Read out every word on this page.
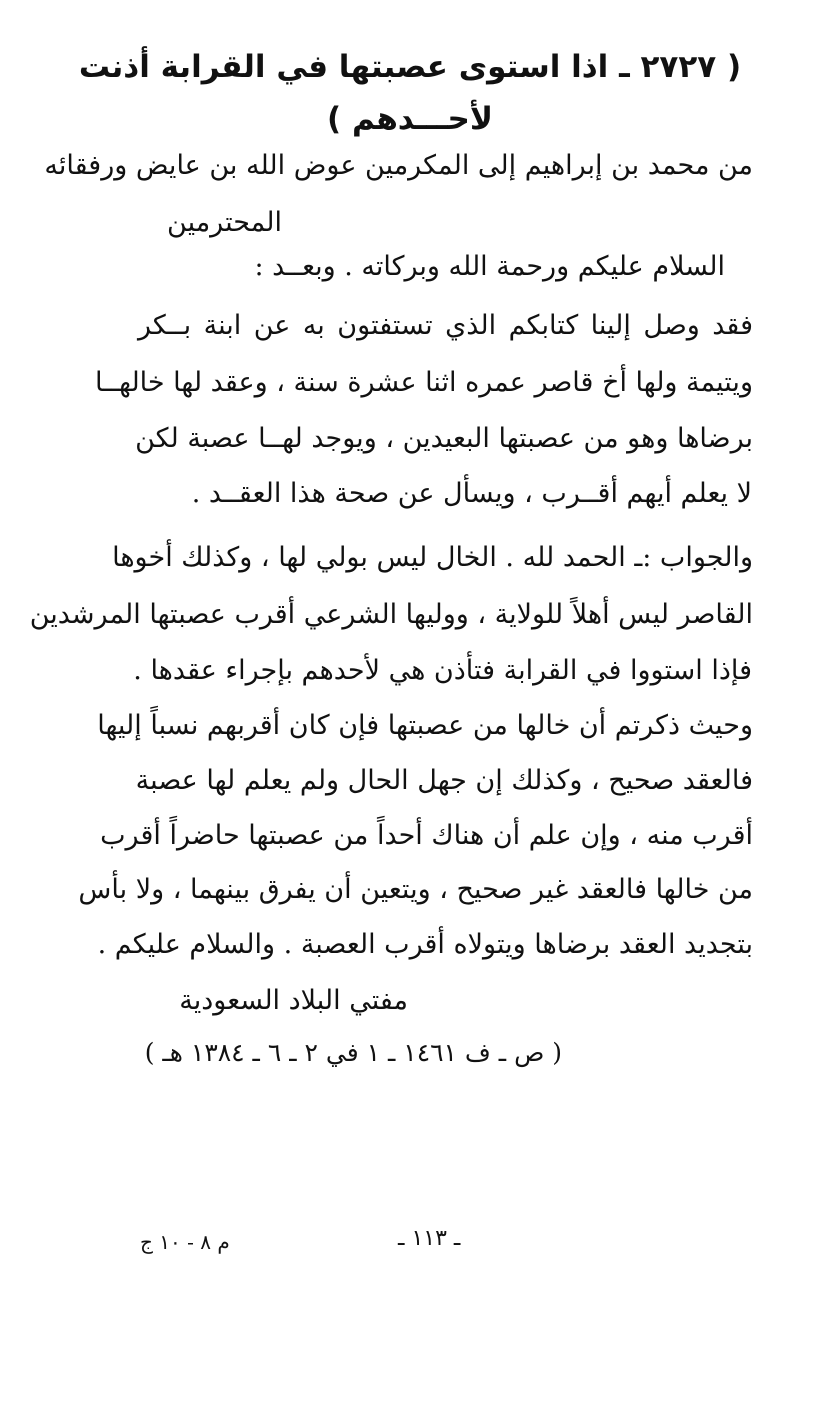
( ٢٧٢٧ ـ اذا استوى عصبتها في القرابة أذنت
لأحـــدهم )
من محمد بن إبراهيم إلى المكرمين عوض الله بن عايض ورفقائه
المحترمين
السلام عليكم ورحمة الله وبركاته . وبعــد :
فقد وصل إلينا كتابكم الذي تستفتون به عن ابنة بــكر
ويتيمة ولها أخ قاصر عمره اثنا عشرة سنة ، وعقد لها خالهــا
برضاها وهو من عصبتها البعيدين ، ويوجد لهــا عصبة لكن
لا يعلم أيهم أقــرب ، ويسأل عن صحة هذا العقــد .
والجواب :ـ الحمد لله . الخال ليس بولي لها ، وكذلك أخوها
القاصر ليس أهلاً للولاية ، ووليها الشرعي أقرب عصبتها المرشدين
فإذا استووا في القرابة فتأذن هي لأحدهم بإجراء عقدها .
وحيث ذكرتم أن خالها من عصبتها فإن كان أقربهم نسباً إليها
فالعقد صحيح ، وكذلك إن جهل الحال ولم يعلم لها عصبة
أقرب منه ، وإن علم أن هناك أحداً من عصبتها حاضراً أقرب
من خالها فالعقد غير صحيح ، ويتعين أن يفرق بينهما ، ولا بأس
بتجديد العقد برضاها ويتولاه أقرب العصبة . والسلام عليكم .
مفتي البلاد السعودية
( ص ـ ف ١٤٦١ ـ ١ في ٢ ـ ٦ ـ ١٣٨٤ هـ )
ـ ١١٣ ـ
م ٨ - ١٠ ج
